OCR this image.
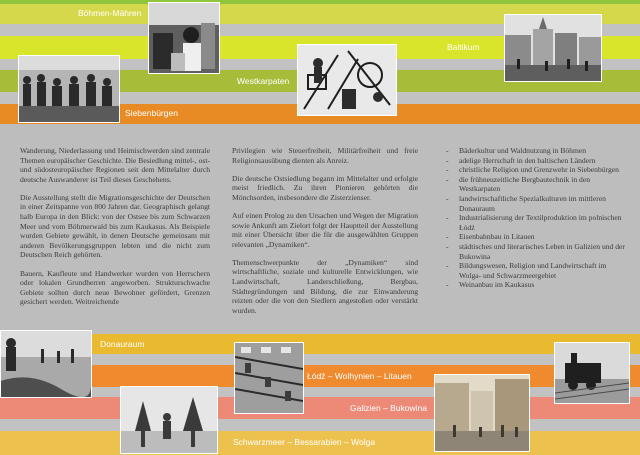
Böhmen-Mähren
Baltikum
Westkarpaten
Siebenbürgen

Wanderung, Niederlassung und Heimischwerden sind zentrale Themen europäischer Geschichte. Die Besiedlung mittel-, ost- und südosteuropäischer Regionen seit dem Mittelalter durch deutsche Auswanderer ist Teil dieses Geschehens.

Die Ausstellung stellt die Migrationsgeschichte der Deutschen in einer Zeitspanne von 800 Jahren dar. Geographisch gelangt halb Europa in den Blick: von der Ostsee bis zum Schwarzen Meer und vom Böhmerwald bis zum Kaukasus. Als Beispiele wurden Gebiete gewählt, in denen Deutsche gemeinsam mit anderen Bevölkerungsgruppen lebten und die nicht zum Deutschen Reich gehörten.

Bauern, Kaufleute und Handwerker wurden von Herrschern oder lokalen Grundherren angeworben. Strukturschwache Gebiete sollten durch neue Bewohner gefördert, Grenzen gesichert werden. Weitreichende

Privilegien wie Steuerfreiheit, Militärfreiheit und freie Religionsausübung dienten als Anreiz.

Die deutsche Ostsiedlung begann im Mittelalter und erfolgte meist friedlich. Zu ihren Pionieren gehörten die Mönchsorden, insbesondere die Zisterzienser.

Auf einen Prolog zu den Ursachen und Wegen der Migration sowie Ankunft am Zielort folgt der Hauptteil der Ausstellung mit einer Übersicht über die für die ausgewählten Gruppen relevanten „Dynamiken“.

Themenschwerpunkte der „Dynamiken“ sind wirtschaftliche, soziale und kulturelle Entwicklungen, wie Landwirtschaft, Landerschließung, Bergbau, Städtegründungen und Bildung, die zur Einwanderung reizten oder die von den Siedlern angestoßen oder verstärkt wurden.

- Bäderkultur und Waldnutzung in Böhmen
- adelige Herrschaft in den baltischen Ländern
- christliche Religion und Grenzwehr in Siebenbürgen
- die frühneuzeitliche Bergbautechnik in den Westkarpaten
- landwirtschaftliche Spezialkulturen im mittleren Donauraum
- Industrialisierung der Textilproduktion im polnischen Łódź
- Eisenbahnbau in Litauen
- städtisches und literarisches Leben in Galizien und der Bukowina
- Bildungswesen, Religion und Landwirtschaft im Wolga- und Schwarzmeergebiet
- Weinanbau im Kaukasus
Donauraum
Łódź – Wolhynien – Litauen
Galizien – Bukowina
Schwarzmeer – Bessarabien – Wolga
